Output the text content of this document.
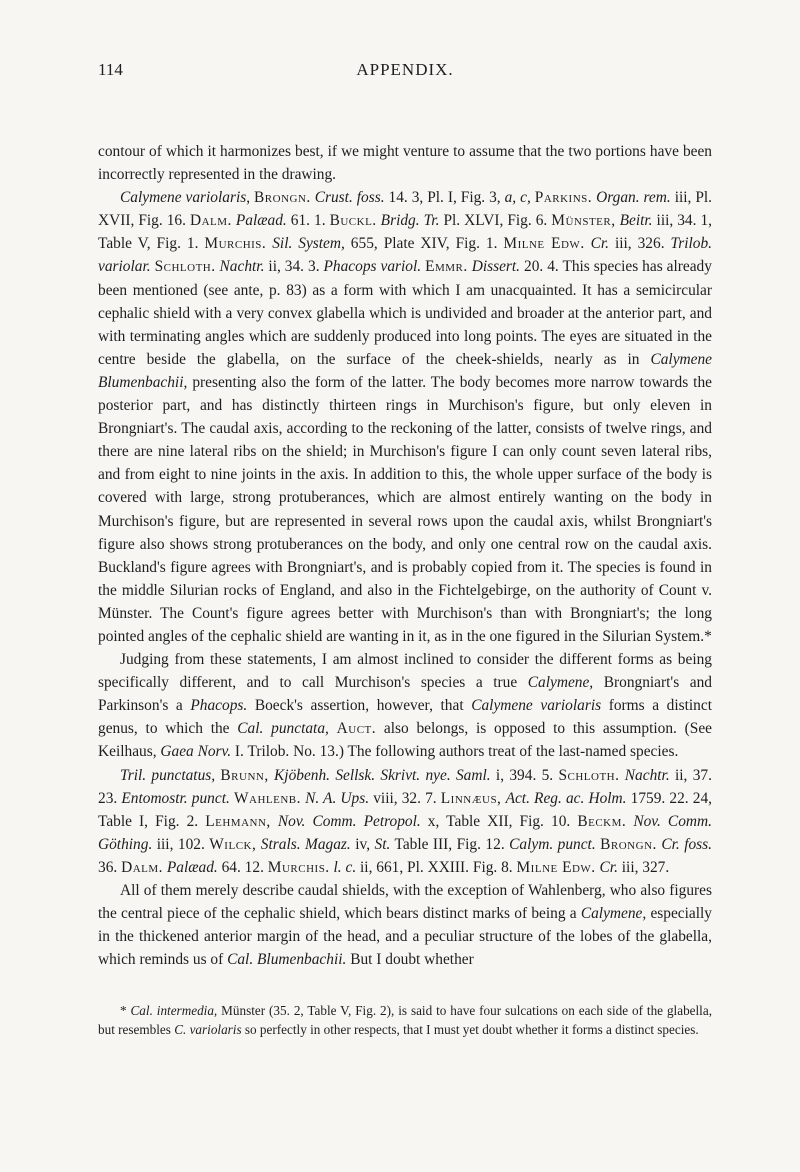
114	APPENDIX.

contour of which it harmonizes best, if we might venture to assume that the two portions have been incorrectly represented in the drawing.

Calymene variolaris, Brongn. Crust. foss. 14. 3, Pl. I, Fig. 3, a, c, Parkins. Organ. rem. iii, Pl. XVII, Fig. 16. Dalm. Palæad. 61. 1. Buckl. Bridg. Tr. Pl. XLVI, Fig. 6. Münster, Beitr. iii, 34. 1, Table V, Fig. 1. Murchis. Sil. System, 655, Plate XIV, Fig. 1. Milne Edw. Cr. iii, 326. Trilob. variolar. Schloth. Nachtr. ii, 34. 3. Phacops variol. Emmr. Dissert. 20. 4. This species has already been mentioned (see ante, p. 83) as a form with which I am unacquainted. It has a semicircular cephalic shield with a very convex glabella which is undivided and broader at the anterior part, and with terminating angles which are suddenly produced into long points. The eyes are situated in the centre beside the glabella, on the surface of the cheek-shields, nearly as in Calymene Blumenbachii, presenting also the form of the latter. The body becomes more narrow towards the posterior part, and has distinctly thirteen rings in Murchison's figure, but only eleven in Brongniart's. The caudal axis, according to the reckoning of the latter, consists of twelve rings, and there are nine lateral ribs on the shield; in Murchison's figure I can only count seven lateral ribs, and from eight to nine joints in the axis. In addition to this, the whole upper surface of the body is covered with large, strong protuberances, which are almost entirely wanting on the body in Murchison's figure, but are represented in several rows upon the caudal axis, whilst Brongniart's figure also shows strong protuberances on the body, and only one central row on the caudal axis. Buckland's figure agrees with Brongniart's, and is probably copied from it. The species is found in the middle Silurian rocks of England, and also in the Fichtelgebirge, on the authority of Count v. Münster. The Count's figure agrees better with Murchison's than with Brongniart's; the long pointed angles of the cephalic shield are wanting in it, as in the one figured in the Silurian System.*

Judging from these statements, I am almost inclined to consider the different forms as being specifically different, and to call Murchison's species a true Calymene, Brongniart's and Parkinson's a Phacops. Boeck's assertion, however, that Calymene variolaris forms a distinct genus, to which the Cal. punctata, Auct. also belongs, is opposed to this assumption. (See Keilhaus, Gaea Norv. I. Trilob. No. 13.) The following authors treat of the last-named species.

Tril. punctatus, Brunn, Kjöbenh. Sellsk. Skrivt. nye. Saml. i, 394. 5. Schloth. Nachtr. ii, 37. 23. Entomostr. punct. Wahlenb. N. A. Ups. viii, 32. 7. Linnæus, Act. Reg. ac. Holm. 1759. 22. 24, Table I, Fig. 2. Lehmann, Nov. Comm. Petropol. x, Table XII, Fig. 10. Beckm. Nov. Comm. Göthing. iii, 102. Wilck, Strals. Magaz. iv, St. Table III, Fig. 12. Calym. punct. Brongn. Cr. foss. 36. Dalm. Palæad. 64. 12. Murchis. l. c. ii, 661, Pl. XXIII. Fig. 8. Milne Edw. Cr. iii, 327.

All of them merely describe caudal shields, with the exception of Wahlenberg, who also figures the central piece of the cephalic shield, which bears distinct marks of being a Calymene, especially in the thickened anterior margin of the head, and a peculiar structure of the lobes of the glabella, which reminds us of Cal. Blumenbachii. But I doubt whether

* Cal. intermedia, Münster (35. 2, Table V, Fig. 2), is said to have four sulcations on each side of the glabella, but resembles C. variolaris so perfectly in other respects, that I must yet doubt whether it forms a distinct species.
